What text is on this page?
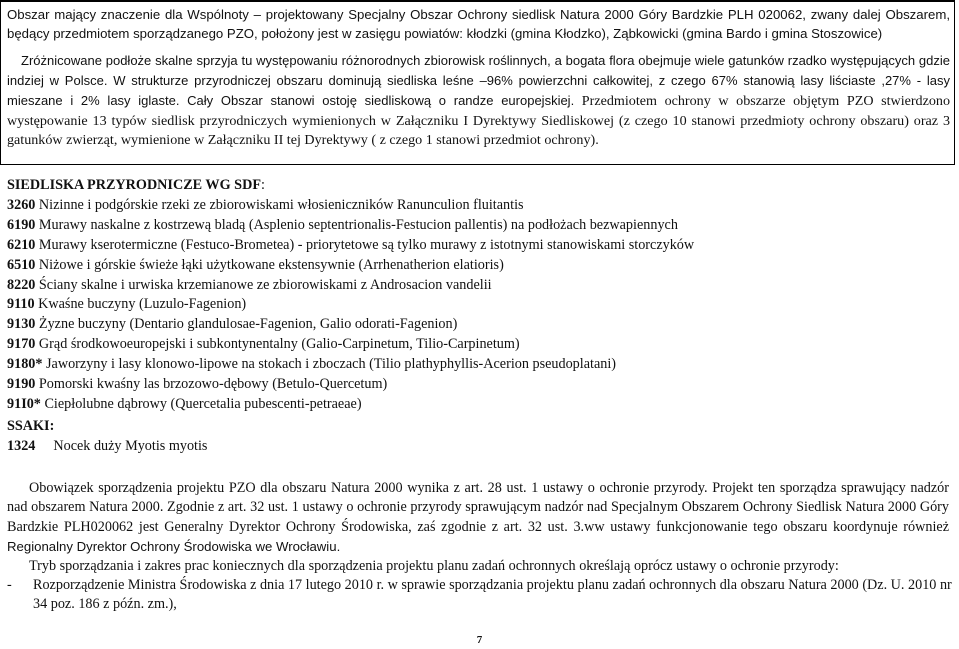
Obszar mający znaczenie dla Wspólnoty – projektowany Specjalny Obszar Ochrony siedlisk Natura 2000 Góry Bardzkie PLH 020062, zwany dalej Obszarem, będący przedmiotem sporządzanego PZO, położony jest w zasięgu powiatów: kłodzki (gmina Kłodzko), Ząbkowicki (gmina Bardo i gmina Stoszowice)

Zróżnicowane podłoże skalne sprzyja tu występowaniu różnorodnych zbiorowisk roślinnych, a bogata flora obejmuje wiele gatunków rzadko występujących gdzie indziej w Polsce. W strukturze przyrodniczej obszaru dominują siedliska leśne –96% powierzchni całkowitej, z czego 67% stanowią lasy liściaste ,27% - lasy mieszane i 2% lasy iglaste. Cały Obszar stanowi ostoję siedliskową o randze europejskiej. Przedmiotem ochrony w obszarze objętym PZO stwierdzono występowanie 13 typów siedlisk przyrodniczych wymienionych w Załączniku I Dyrektywy Siedliskowej (z czego 10 stanowi przedmioty ochrony obszaru) oraz 3 gatunków zwierząt, wymienione w Załączniku II tej Dyrektywy ( z czego 1 stanowi przedmiot ochrony).

SIEDLISKA PRZYRODNICZE WG SDF:
3260 Nizinne i podgórskie rzeki ze zbiorowiskami włosieniczników Ranunculion fluitantis
6190 Murawy naskalne z kostrzewą bladą (Asplenio septentrionalis-Festucion pallentis) na podłożach bezwapiennych
6210 Murawy kserotermiczne (Festuco-Brometea) - priorytetowe są tylko murawy z istotnymi stanowiskami storczyków
6510 Niżowe i górskie świeże łąki użytkowane ekstensywnie (Arrhenatherion elatioris)
8220 Ściany skalne i urwiska krzemianowe ze zbiorowiskami z Androsacion vandelii
9110 Kwaśne buczyny (Luzulo-Fagenion)
9130 Żyzne buczyny (Dentario glandulosae-Fagenion, Galio odorati-Fagenion)
9170 Grąd środkowoeuropejski i subkontynentalny (Galio-Carpinetum, Tilio-Carpinetum)
9180* Jaworzyny i lasy klonowo-lipowe na stokach i zboczach (Tilio plathyphyllis-Acerion pseudoplatani)
9190 Pomorski kwaśny las brzozowo-dębowy (Betulo-Quercetum)
91I0* Ciepłolubne dąbrowy (Quercetalia pubescenti-petraeae)
SSAKI:
1324 Nocek duży Myotis myotis
Obowiązek sporządzenia projektu PZO dla obszaru Natura 2000 wynika z art. 28 ust. 1 ustawy o ochronie przyrody. Projekt ten sporządza sprawujący nadzór nad obszarem Natura 2000. Zgodnie z art. 32 ust. 1 ustawy o ochronie przyrody sprawującym nadzór nad Specjalnym Obszarem Ochrony Siedlisk Natura 2000 Góry Bardzkie PLH020062 jest Generalny Dyrektor Ochrony Środowiska, zaś zgodnie z art. 32 ust. 3.ww ustawy funkcjonowanie tego obszaru koordynuje również Regionalny Dyrektor Ochrony Środowiska we Wrocławiu.
Tryb sporządzania i zakres prac koniecznych dla sporządzenia projektu planu zadań ochronnych określają oprócz ustawy o ochronie przyrody:
- Rozporządzenie Ministra Środowiska z dnia 17 lutego 2010 r. w sprawie sporządzania projektu planu zadań ochronnych dla obszaru Natura 2000 (Dz. U. 2010 nr 34 poz. 186 z późn. zm.),
7
